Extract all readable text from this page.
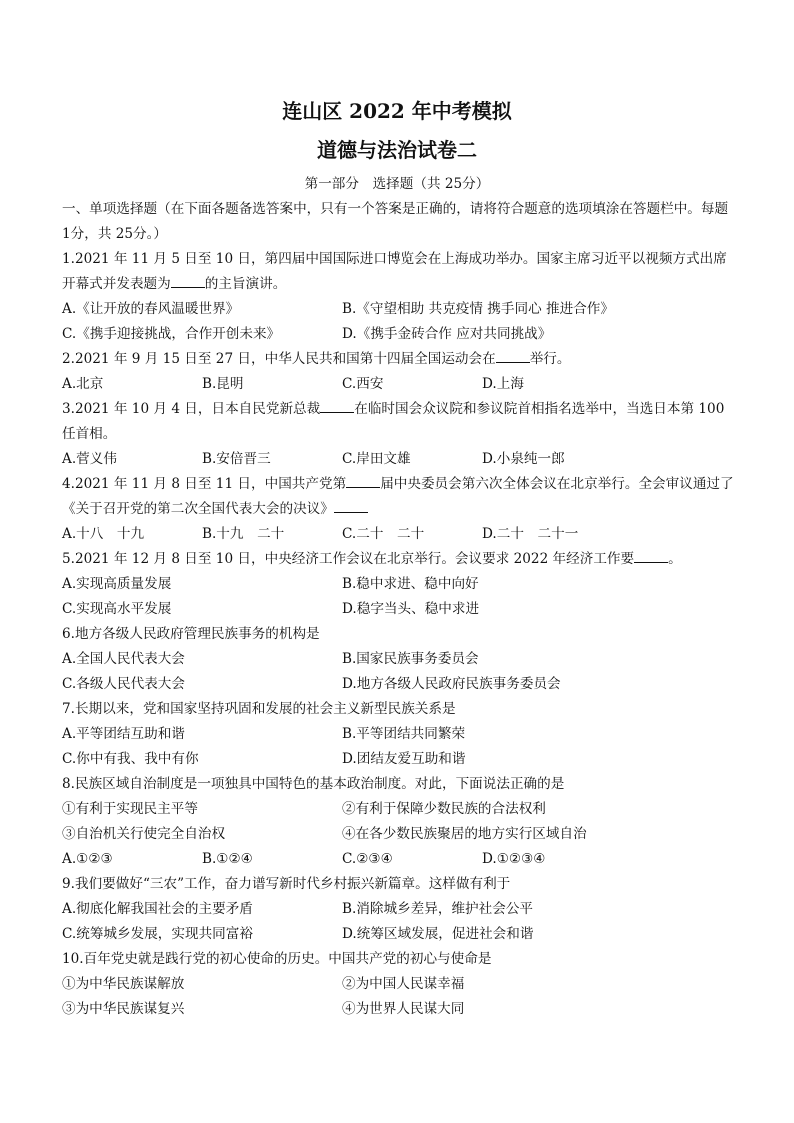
连山区 2022 年中考模拟
道德与法治试卷二
第一部分　选择题（共 25分）
一、单项选择题（在下面各题备选答案中，只有一个答案是正确的，请将符合题意的选项填涂在答题栏中。每题 1分，共 25分。）
1.2021 年 11 月 5 日至 10 日，第四届中国国际进口博览会在上海成功举办。国家主席习近平以视频方式出席开幕式并发表题为	的主旨演讲。
A.《让开放的春风温暖世界》	B.《守望相助 共克疫情 携手同心 推进合作》
C.《携手迎接挑战，合作开创未来》	D.《携手金砖合作 应对共同挑战》
2.2021 年 9 月 15 日至 27 日，中华人民共和国第十四届全国运动会在	举行。
A.北京	B.昆明	C.西安	D.上海
3.2021 年 10 月 4 日，日本自民党新总裁	在临时国会众议院和参议院首相指名选举中，当选日本第 100 任首相。
A.菅义伟	B.安倍晋三	C.岸田文雄	D.小泉纯一郎
4.2021 年 11 月 8 日至 11 日，中国共产党第	届中央委员会第六次全体会议在北京举行。全会审议通过了《关于召开党的第二次全国代表大会的决议》
A.十八　十九	B.十九　二十	C.二十　二十	D.二十　二十一
5.2021 年 12 月 8 日至 10 日，中央经济工作会议在北京举行。会议要求 2022 年经济工作要	。
A.实现高质量发展	B.稳中求进、稳中向好
C.实现高水平发展	D.稳字当头、稳中求进
6.地方各级人民政府管理民族事务的机构是
A.全国人民代表大会	B.国家民族事务委员会
C.各级人民代表大会	D.地方各级人民政府民族事务委员会
7.长期以来，党和国家坚持巩固和发展的社会主义新型民族关系是
A.平等团结互助和谐	B.平等团结共同繁荣
C.你中有我、我中有你	D.团结友爱互助和谐
8.民族区域自治制度是一项独具中国特色的基本政治制度。对此，下面说法正确的是
①有利于实现民主平等	②有利于保障少数民族的合法权利
③自治机关行使完全自治权	④在各少数民族聚居的地方实行区域自治
A.①②③	B.①②④	C.②③④	D.①②③④
9.我们要做好“三农”工作，奋力谱写新时代乡村振兴新篇章。这样做有利于
A.彻底化解我国社会的主要矛盾	B.消除城乡差异，维护社会公平
C.统筹城乡发展，实现共同富裕	D.统筹区域发展，促进社会和谐
10.百年党史就是践行党的初心使命的历史。中国共产党的初心与使命是
①为中华民族谋解放	②为中国人民谋幸福
③为中华民族谋复兴	④为世界人民谋大同
